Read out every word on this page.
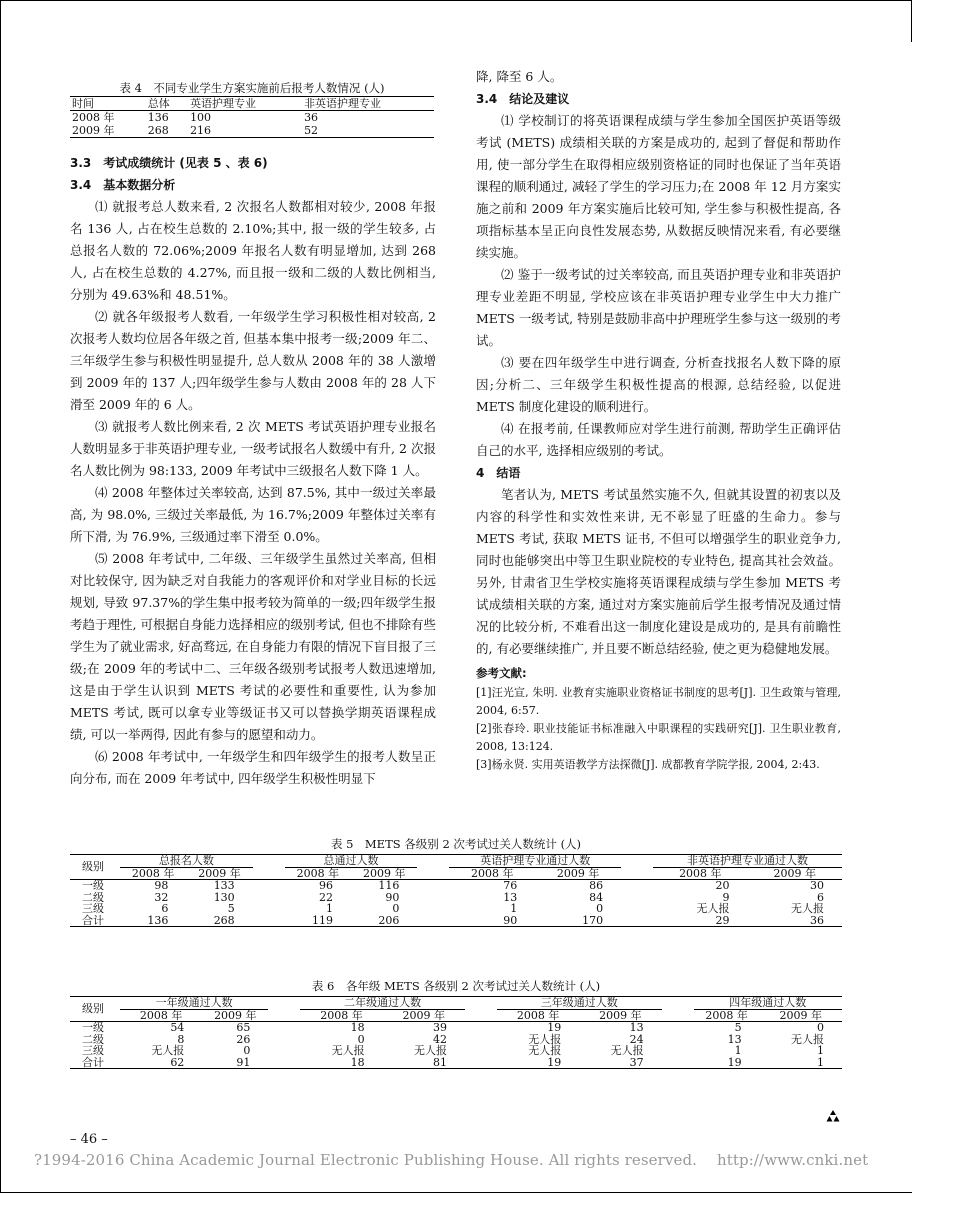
表 4　不同专业学生方案实施前后报考人数情况 (人)
时间	总体	英语护理专业	非英语护理专业
2008 年	136	100	36
2009 年	268	216	52

3.3　考试成绩统计 (见表 5 、表 6)

3.4　基本数据分析

⑴ 就报考总人数来看, 2 次报名人数都相对较少, 2008 年报名 136 人, 占在校生总数的 2.10%;其中, 报一级的学生较多, 占总报名人数的 72.06%;2009 年报名人数有明显增加, 达到 268 人, 占在校生总数的 4.27%, 而且报一级和二级的人数比例相当, 分别为 49.63%和 48.51%。

⑵ 就各年级报考人数看, 一年级学生学习积极性相对较高, 2 次报考人数均位居各年级之首, 但基本集中报考一级;2009 年二、三年级学生参与积极性明显提升, 总人数从 2008 年的 38 人激增到 2009 年的 137 人;四年级学生参与人数由 2008 年的 28 人下滑至 2009 年的 6 人。

⑶ 就报考人数比例来看, 2 次 METS 考试英语护理专业报名人数明显多于非英语护理专业, 一级考试报名人数缓中有升, 2 次报名人数比例为 98:133, 2009 年考试中三级报名人数下降 1 人。

⑷ 2008 年整体过关率较高, 达到 87.5%, 其中一级过关率最高, 为 98.0%, 三级过关率最低, 为 16.7%;2009 年整体过关率有所下滑, 为 76.9%, 三级通过率下滑至 0.0%。

⑸ 2008 年考试中, 二年级、三年级学生虽然过关率高, 但相对比较保守, 因为缺乏对自我能力的客观评价和对学业目标的长远规划, 导致 97.37%的学生集中报考较为简单的一级;四年级学生报考趋于理性, 可根据自身能力选择相应的级别考试, 但也不排除有些学生为了就业需求, 好高骛远, 在自身能力有限的情况下盲目报了三级;在 2009 年的考试中二、三年级各级别考试报考人数迅速增加, 这是由于学生认识到 METS 考试的必要性和重要性, 认为参加 METS 考试, 既可以拿专业等级证书又可以替换学期英语课程成绩, 可以一举两得, 因此有参与的愿望和动力。

⑹ 2008 年考试中, 一年级学生和四年级学生的报考人数呈正向分布, 而在 2009 年考试中, 四年级学生积极性明显下

降, 降至 6 人。

3.4　结论及建议

⑴ 学校制订的将英语课程成绩与学生参加全国医护英语等级考试 (METS) 成绩相关联的方案是成功的, 起到了督促和帮助作用, 使一部分学生在取得相应级别资格证的同时也保证了当年英语课程的顺利通过, 减轻了学生的学习压力;在 2008 年 12 月方案实施之前和 2009 年方案实施后比较可知, 学生参与积极性提高, 各项指标基本呈正向良性发展态势, 从数据反映情况来看, 有必要继续实施。

⑵ 鉴于一级考试的过关率较高, 而且英语护理专业和非英语护理专业差距不明显, 学校应该在非英语护理专业学生中大力推广 METS 一级考试, 特别是鼓励非高中护理班学生参与这一级别的考试。

⑶ 要在四年级学生中进行调查, 分析查找报名人数下降的原因;分析二、三年级学生积极性提高的根源, 总结经验, 以促进 METS 制度化建设的顺利进行。

⑷ 在报考前, 任课教师应对学生进行前测, 帮助学生正确评估自己的水平, 选择相应级别的考试。

4　结语

笔者认为, METS 考试虽然实施不久, 但就其设置的初衷以及内容的科学性和实效性来讲, 无不彰显了旺盛的生命力。参与 METS 考试, 获取 METS 证书, 不但可以增强学生的职业竞争力, 同时也能够突出中等卫生职业院校的专业特色, 提高其社会效益。另外, 甘肃省卫生学校实施将英语课程成绩与学生参加 METS 考试成绩相关联的方案, 通过对方案实施前后学生报考情况及通过情况的比较分析, 不难看出这一制度化建设是成功的, 是具有前瞻性的, 有必要继续推广, 并且要不断总结经验, 使之更为稳健地发展。

参考文献:

[1]汪光宣, 朱明. 业教育实施职业资格证书制度的思考[J]. 卫生政策与管理, 2004, 6:57.

[2]张春玲. 职业技能证书标准融入中职课程的实践研究[J]. 卫生职业教育, 2008, 13:124.

[3]杨永贤. 实用英语教学方法探微[J]. 成都教育学院学报, 2004, 2:43.

表 5　METS 各级别 2 次考试过关人数统计 (人)
级别	总报名人数			总通过人数			英语护理专业通过人数			非英语护理专业通过人数	
	2008 年	2009 年		2008 年	2009 年		2008 年	2009 年		2008 年	2009 年
一级	98	133		96	116		76	86		20	30
二级	32	130		22	90		13	84		9	6
三级	6	5		1	0		1	0		无人报	无人报
合计	136	268		119	206		90	170		29	36
表 6　各年级 METS 各级别 2 次考试过关人数统计 (人)
级别	一年级通过人数			二年级通过人数			三年级通过人数			四年级通过人数	
	2008 年	2009 年		2008 年	2009 年		2008 年	2009 年		2008 年	2009 年
一级	54	65		18	39		19	13		5	0
二级	8	26		0	42		无人报	24		13	无人报
三级	无人报	0		无人报	无人报		无人报	无人报		1	1
合计	62	91		18	81		19	37		19	1
– 46 –
?1994-2016 China Academic Journal Electronic Publishing House. All rights reserved.　 http://www.cnki.net
